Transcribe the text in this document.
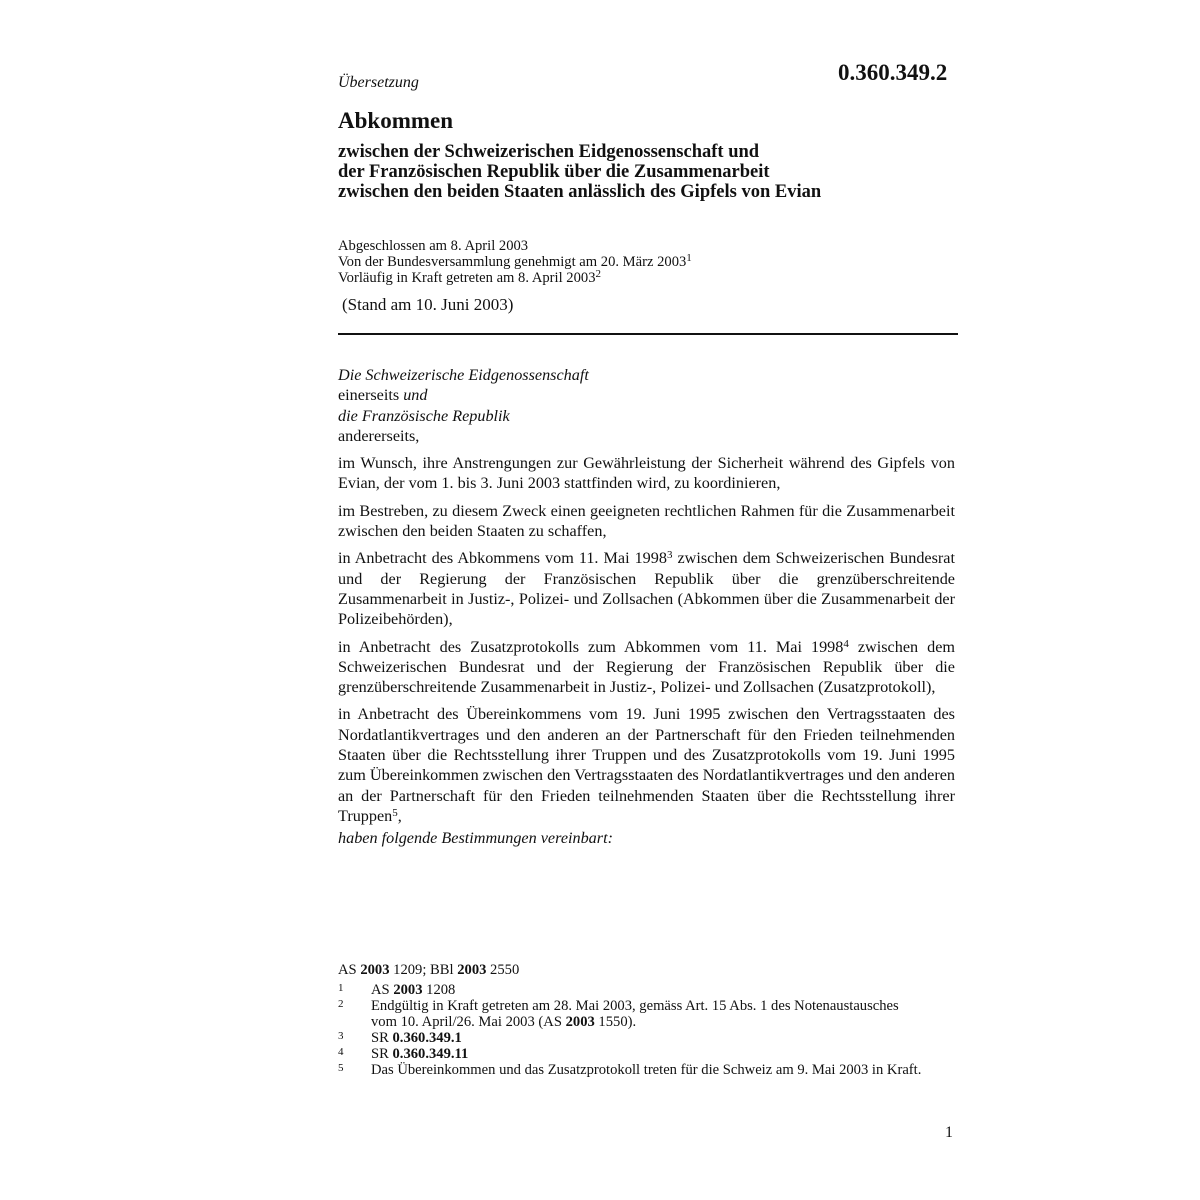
0.360.349.2
Übersetzung
Abkommen
zwischen der Schweizerischen Eidgenossenschaft und
der Französischen Republik über die Zusammenarbeit
zwischen den beiden Staaten anlässlich des Gipfels von Evian
Abgeschlossen am 8. April 2003
Von der Bundesversammlung genehmigt am 20. März 2003$^1$
Vorläufig in Kraft getreten am 8. April 2003$^2$
(Stand am 10. Juni 2003)

Die Schweizerische Eidgenossenschaft
einerseits und
die Französische Republik
andererseits,

im Wunsch, ihre Anstrengungen zur Gewährleistung der Sicherheit während des Gipfels von Evian, der vom 1. bis 3. Juni 2003 stattfinden wird, zu koordinieren,

im Bestreben, zu diesem Zweck einen geeigneten rechtlichen Rahmen für die Zusammenarbeit zwischen den beiden Staaten zu schaffen,

in Anbetracht des Abkommens vom 11. Mai 1998$^3$ zwischen dem Schweizerischen Bundesrat und der Regierung der Französischen Republik über die grenzüberschreitende Zusammenarbeit in Justiz-, Polizei- und Zollsachen (Abkommen über die Zusammenarbeit der Polizeibehörden),

in Anbetracht des Zusatzprotokolls zum Abkommen vom 11. Mai 1998$^4$ zwischen dem Schweizerischen Bundesrat und der Regierung der Französischen Republik über die grenzüberschreitende Zusammenarbeit in Justiz-, Polizei- und Zollsachen (Zusatzprotokoll),

in Anbetracht des Übereinkommens vom 19. Juni 1995 zwischen den Vertragsstaaten des Nordatlantikvertrages und den anderen an der Partnerschaft für den Frieden teilnehmenden Staaten über die Rechtsstellung ihrer Truppen und des Zusatzprotokolls vom 19. Juni 1995 zum Übereinkommen zwischen den Vertragsstaaten des Nordatlantikvertrages und den anderen an der Partnerschaft für den Frieden teilnehmenden Staaten über die Rechtsstellung ihrer Truppen$^5$,

haben folgende Bestimmungen vereinbart:

AS 2003 1209; BBl 2003 2550
1	AS 2003 1208
2	Endgültig in Kraft getreten am 28. Mai 2003, gemäss Art. 15 Abs. 1 des Notenaustausches vom 10. April/26. Mai 2003 (AS 2003 1550).
3	SR 0.360.349.1
4	SR 0.360.349.11
5	Das Übereinkommen und das Zusatzprotokoll treten für die Schweiz am 9. Mai 2003 in Kraft.
1
